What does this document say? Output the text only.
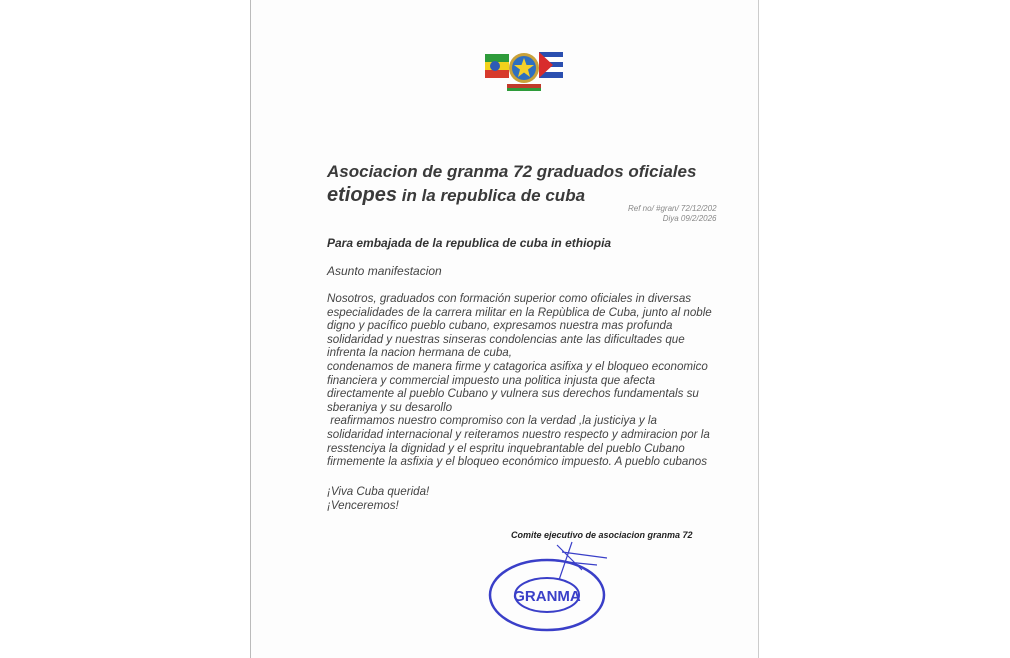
Asociacion de granma 72 graduados oficiales
etiopes in la republica de cuba
Ref no/ #gran/ 72/12/202
Diya 09/2/2026
Para embajada de la republica de cuba in ethiopia
Asunto manifestacion
Nosotros, graduados con formación superior como oficiales in diversas
especialidades de la carrera militar en la Repùblica de Cuba, junto al noble
digno y pacífico pueblo cubano, expresamos nuestra mas profunda
solidaridad y nuestras sinseras condolencias ante las dificultades que
infrenta la nacion hermana de cuba,
condenamos de manera firme y catagorica asifixa y el bloqueo economico
financiera y commercial impuesto una politica injusta que afecta
directamente al pueblo Cubano y vulnera sus derechos fundamentals su
sberaniya y su desarollo
reafirmamos nuestro compromiso con la verdad ,la justiciya y la
solidaridad internacional y reiteramos nuestro respecto y admiracion por la
resstenciya la dignidad y el espritu inquebrantable del pueblo Cubano
firmemente la asfixia y el bloqueo económico impuesto. A pueblo cubanos
¡Viva Cuba querida!
¡Venceremos!
Comite ejecutivo de asociacion granma 72
GRANMA
